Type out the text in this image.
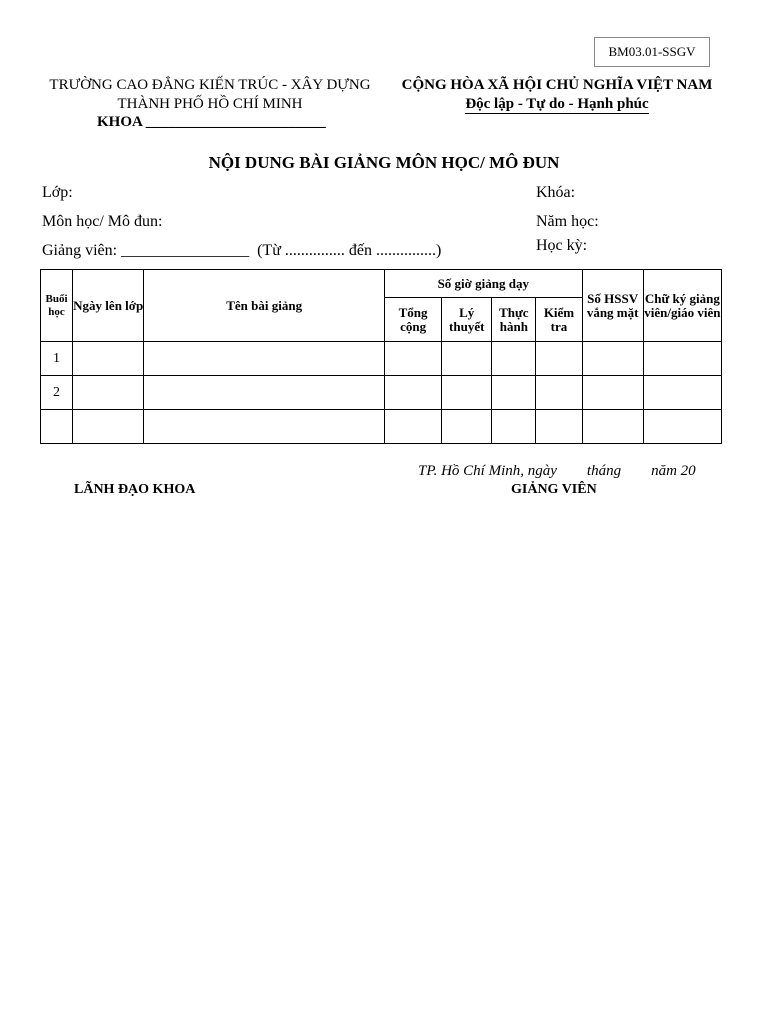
BM03.01-SSGV
TRƯỜNG CAO ĐẲNG KIẾN TRÚC - XÂY DỰNG
THÀNH PHỐ HỒ CHÍ MINH
KHOA ________________________
CỘNG HÒA XÃ HỘI CHỦ NGHĨA VIỆT NAM
Độc lập - Tự do - Hạnh phúc
NỘI DUNG BÀI GIẢNG MÔN HỌC/ MÔ ĐUN
Lớp:	Khóa:
Môn học/ Mô đun:	Năm học:
Giảng viên: ________________  (Từ ............... đến ...............)	Học kỳ:
Buổi học	Ngày lên lớp	Tên bài giảng	Số giờ giảng dạy				Số HSSV vắng mặt	Chữ ký giảng viên/giáo viên
			Tổng cộng	Lý thuyết	Thực hành	Kiểm tra		
1								
2								

TP. Hồ Chí Minh, ngày        tháng        năm 20
LÃNH ĐẠO KHOA	GIẢNG VIÊN
